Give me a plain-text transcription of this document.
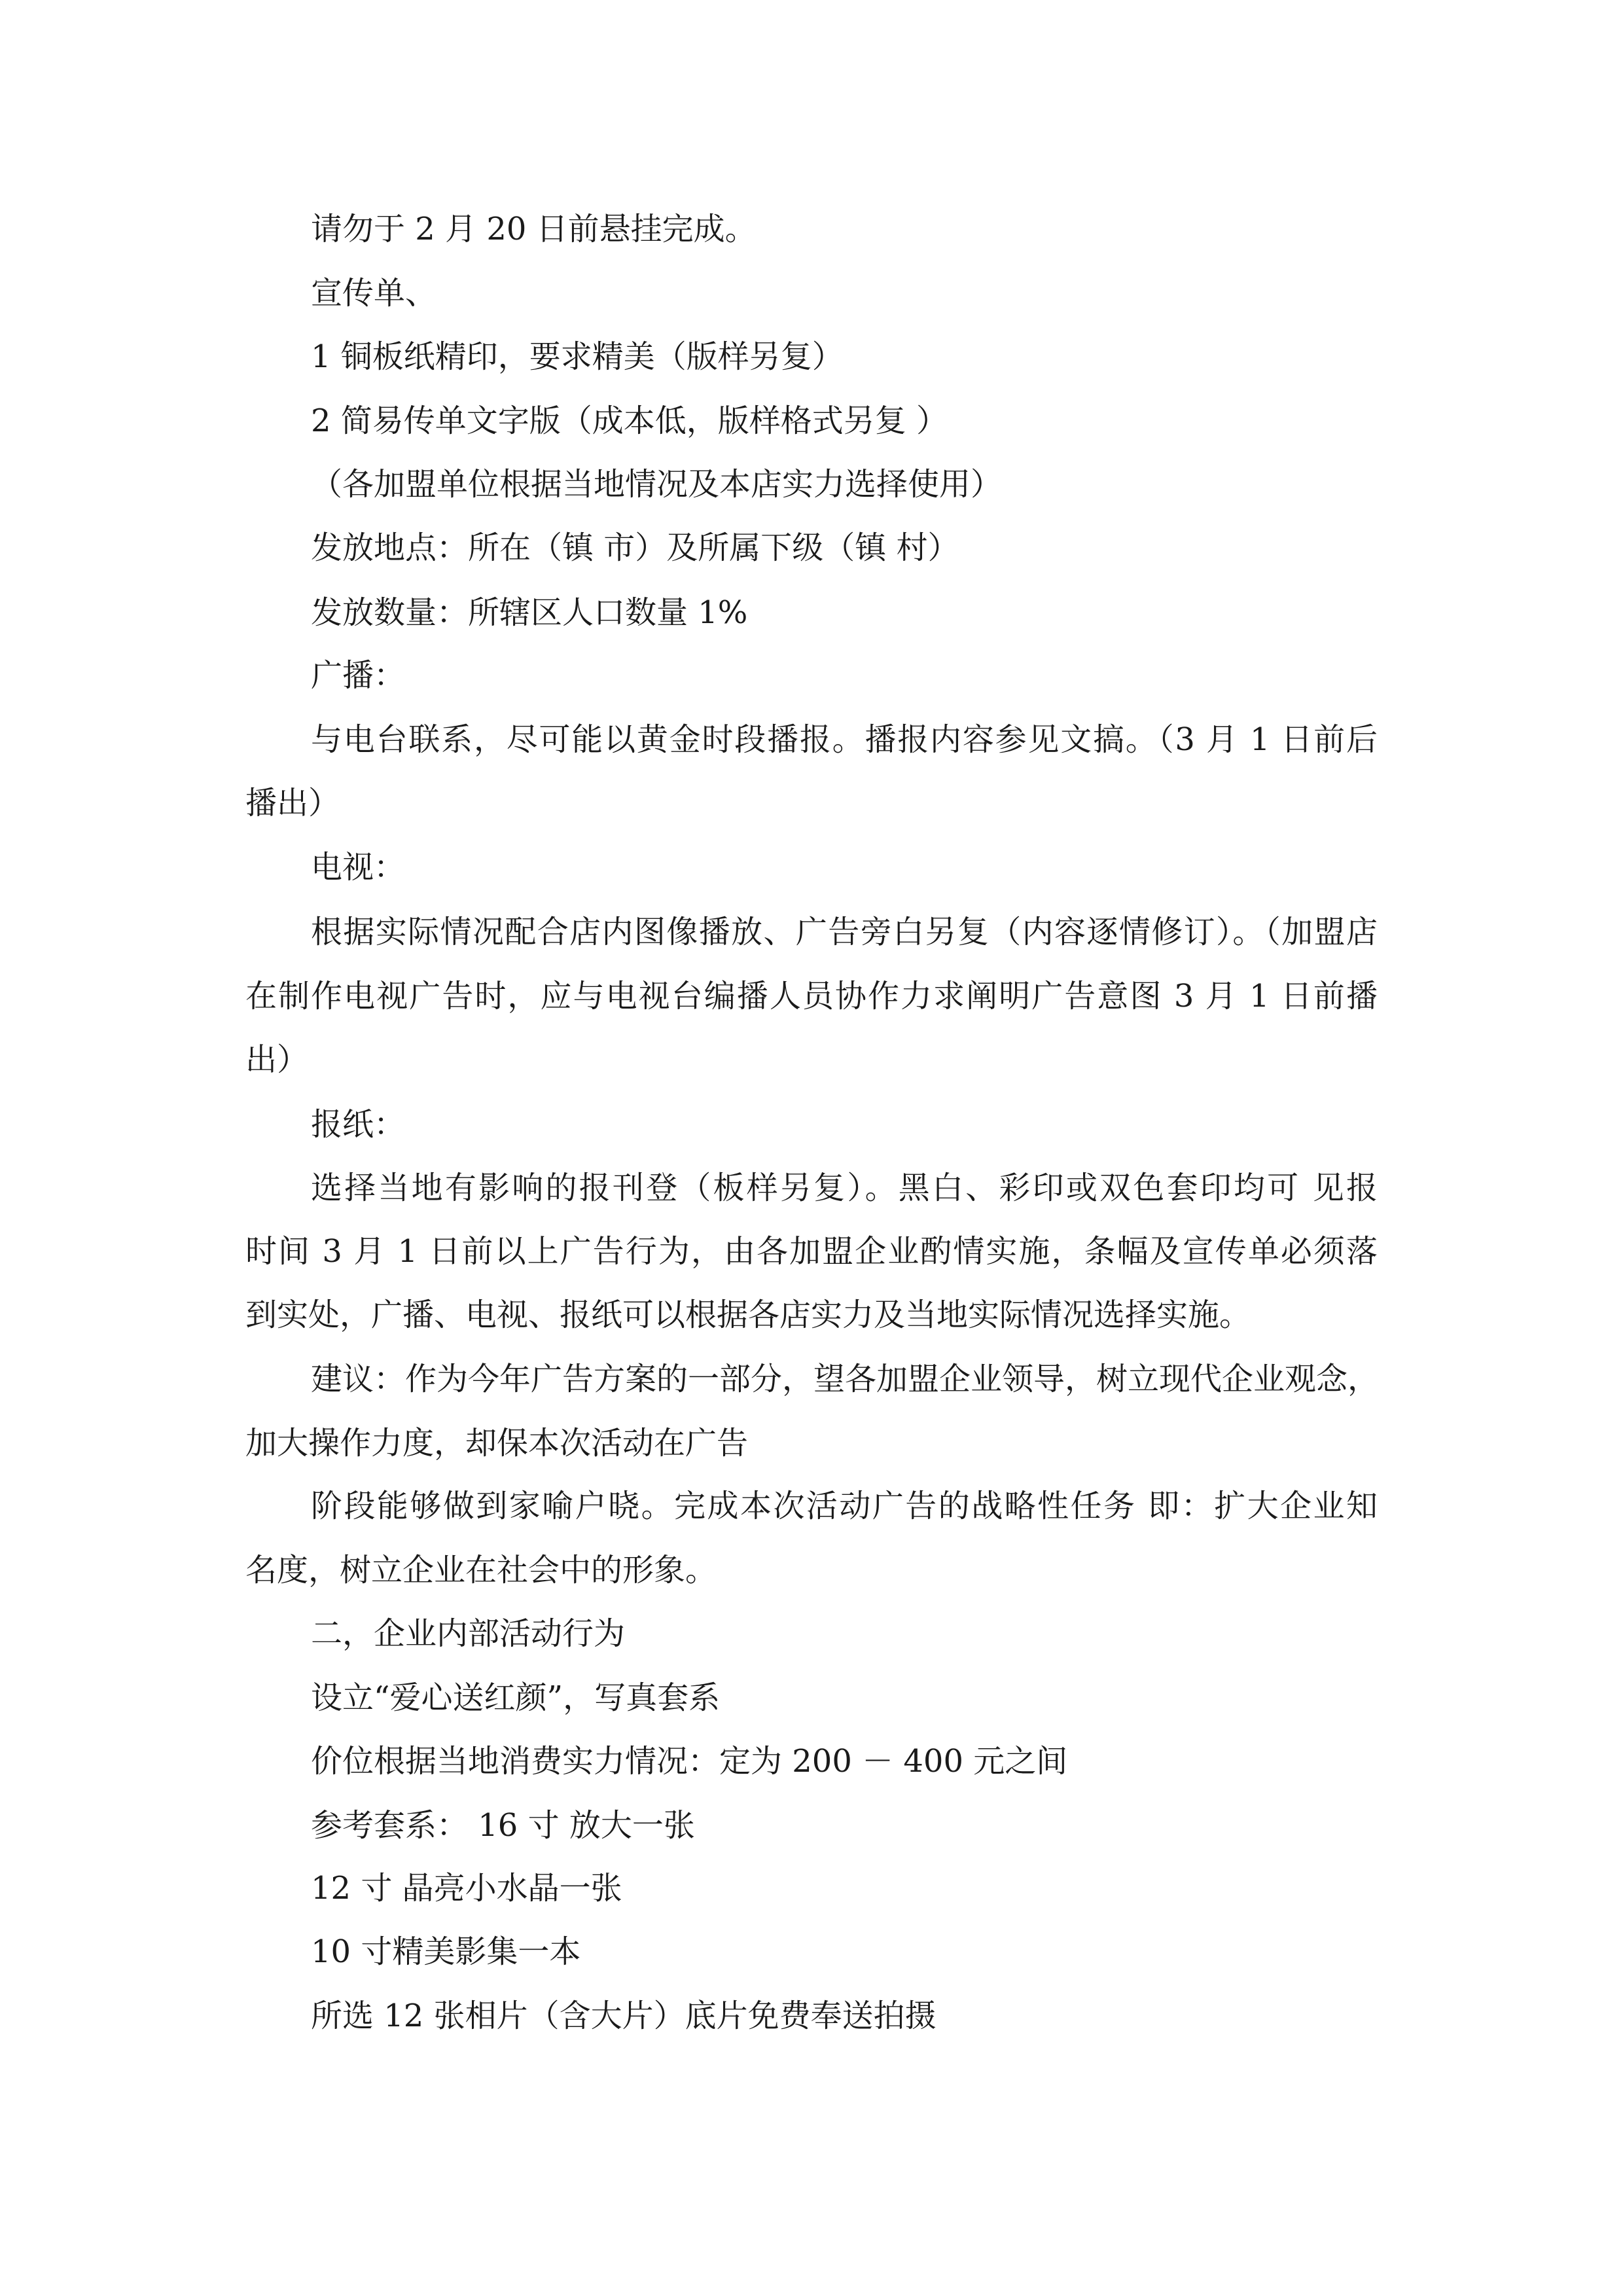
请勿于 2 月 20 日前悬挂完成。

宣传单、

1 铜板纸精印，要求精美（版样另复）

2 简易传单文字版（成本低，版样格式另复 ）

（各加盟单位根据当地情况及本店实力选择使用）

发放地点：所在（镇 市）及所属下级（镇 村）

发放数量：所辖区人口数量 1%

广播：

与电台联系，尽可能以黄金时段播报。播报内容参见文搞。（3 月 1 日前后

播出）

电视：

根据实际情况配合店内图像播放、广告旁白另复（内容逐情修订）。（加盟店

在制作电视广告时，应与电视台编播人员协作力求阐明广告意图 3 月 1 日前播

出）

报纸：

选择当地有影响的报刊登（板样另复）。黑白、彩印或双色套印均可 见报

时间 3 月 1 日前以上广告行为，由各加盟企业酌情实施，条幅及宣传单必须落

到实处，广播、电视、报纸可以根据各店实力及当地实际情况选择实施。

建议：作为今年广告方案的一部分，望各加盟企业领导，树立现代企业观念，

加大操作力度，却保本次活动在广告

阶段能够做到家喻户晓。完成本次活动广告的战略性任务 即：扩大企业知

名度，树立企业在社会中的形象。

二，企业内部活动行为

设立“爱心送红颜”，写真套系

价位根据当地消费实力情况：定为 200 － 400 元之间

参考套系： 16 寸 放大一张

12 寸 晶亮小水晶一张

10 寸精美影集一本

所选 12 张相片（含大片）底片免费奉送拍摄
